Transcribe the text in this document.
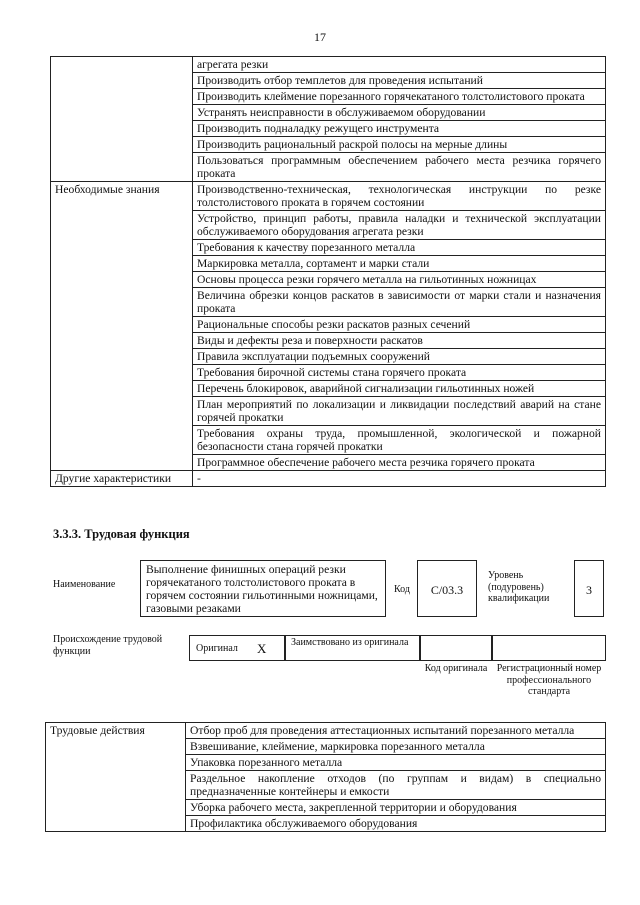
17
	агрегата резки
	Производить отбор темплетов для проведения испытаний
	Производить клеймение порезанного горячекатаного толстолистового проката
	Устранять неисправности в обслуживаемом оборудовании
	Производить подналадку режущего инструмента
	Производить рациональный раскрой полосы на мерные длины
	Пользоваться программным обеспечением рабочего места резчика горячего проката
Необходимые знания	Производственно-техническая, технологическая инструкции по резке толстолистового проката в горячем состоянии
	Устройство, принцип работы, правила наладки и технической эксплуатации обслуживаемого оборудования агрегата резки
	Требования к качеству порезанного металла
	Маркировка металла, сортамент и марки стали
	Основы процесса резки горячего металла на гильотинных ножницах
	Величина обрезки концов раскатов в зависимости от марки стали и назначения проката
	Рациональные способы резки раскатов разных сечений
	Виды и дефекты реза и поверхности раскатов
	Правила эксплуатации подъемных сооружений
	Требования бирочной системы стана горячего проката
	Перечень блокировок, аварийной сигнализации гильотинных ножей
	План мероприятий по локализации и ликвидации последствий аварий на стане горячей прокатки
	Требования охраны труда, промышленной, экологической и пожарной безопасности стана горячей прокатки
	Программное обеспечение рабочего места резчика горячего проката
Другие характеристики	-
3.3.3. Трудовая функция
Наименование
Выполнение финишных операций резки горячекатаного толстолистового проката в горячем состоянии гильотинными ножницами, газовыми резаками
Код	С/03.3
Уровень (подуровень) квалификации
3
Происхождение трудовой функции	Оригинал X Заимствовано из оригинала
Код оригинала Регистрационный номер профессионального стандарта
Трудовые действия	Отбор проб для проведения аттестационных испытаний порезанного металла
Взвешивание, клеймение, маркировка порезанного металла
Упаковка порезанного металла
Раздельное накопление отходов (по группам и видам) в специально предназначенные контейнеры и емкости
Уборка рабочего места, закрепленной территории и оборудования
Профилактика обслуживаемого оборудования
